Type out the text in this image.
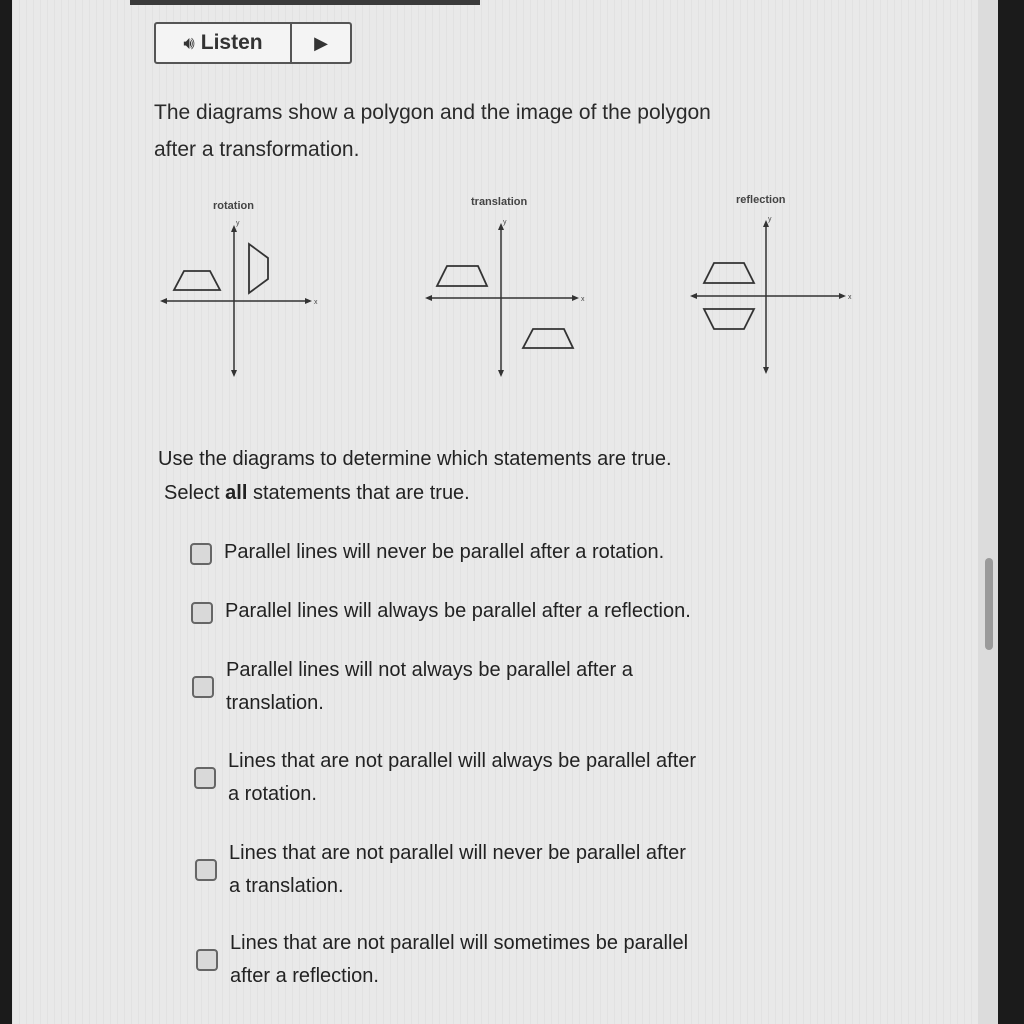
🔊︎ Listen	▶
The diagrams show a polygon and the image of the polygon
after a transformation.
rotation	translation	reflection
y
x
y
x
y
x
Use the diagrams to determine which statements are true.
Select all statements that are true.
Parallel lines will never be parallel after a rotation.
Parallel lines will always be parallel after a reflection.
Parallel lines will not always be parallel after a
translation.
Lines that are not parallel will always be parallel after
a rotation.
Lines that are not parallel will never be parallel after
a translation.
Lines that are not parallel will sometimes be parallel
after a reflection.
